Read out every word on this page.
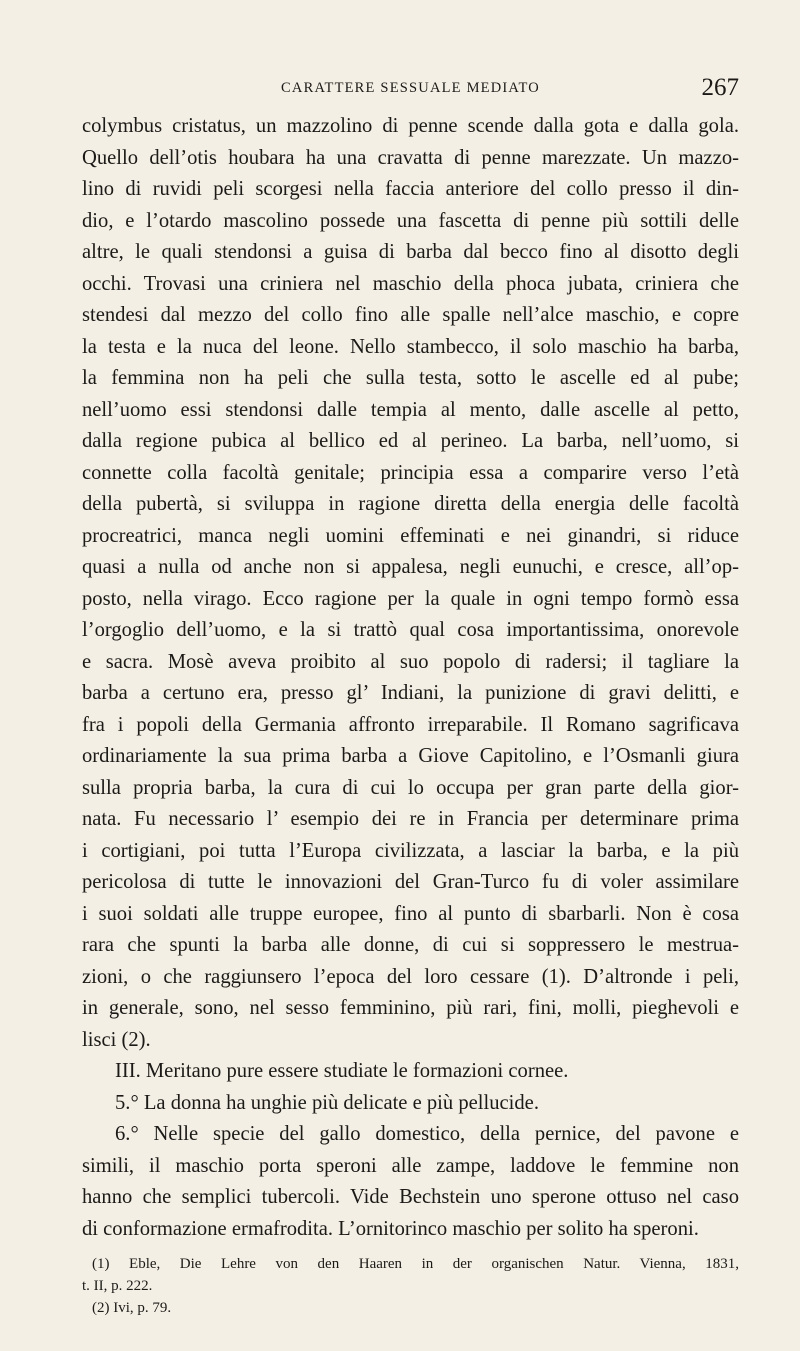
CARATTERE SESSUALE MEDIATO	267
colymbus cristatus, un mazzolino di penne scende dalla gota e dalla gola.
Quello dell’otis houbara ha una cravatta di penne marezzate. Un mazzo-
lino di ruvidi peli scorgesi nella faccia anteriore del collo presso il din-
dio, e l’otardo mascolino possede una fascetta di penne più sottili delle
altre, le quali stendonsi a guisa di barba dal becco fino al disotto degli
occhi. Trovasi una criniera nel maschio della phoca jubata, criniera che
stendesi dal mezzo del collo fino alle spalle nell’alce maschio, e copre
la testa e la nuca del leone. Nello stambecco, il solo maschio ha barba,
la femmina non ha peli che sulla testa, sotto le ascelle ed al pube;
nell’uomo essi stendonsi dalle tempia al mento, dalle ascelle al petto,
dalla regione pubica al bellico ed al perineo. La barba, nell’uomo, si
connette colla facoltà genitale; principia essa a comparire verso l’età
della pubertà, si sviluppa in ragione diretta della energia delle facoltà
procreatrici, manca negli uomini effeminati e nei ginandri, si riduce
quasi a nulla od anche non si appalesa, negli eunuchi, e cresce, all’op-
posto, nella virago. Ecco ragione per la quale in ogni tempo formò essa
l’orgoglio dell’uomo, e la si trattò qual cosa importantissima, onorevole
e sacra. Mosè aveva proibito al suo popolo di radersi; il tagliare la
barba a certuno era, presso gl’ Indiani, la punizione di gravi delitti, e
fra i popoli della Germania affronto irreparabile. Il Romano sagrificava
ordinariamente la sua prima barba a Giove Capitolino, e l’Osmanli giura
sulla propria barba, la cura di cui lo occupa per gran parte della gior-
nata. Fu necessario l’ esempio dei re in Francia per determinare prima
i cortigiani, poi tutta l’Europa civilizzata, a lasciar la barba, e la più
pericolosa di tutte le innovazioni del Gran-Turco fu di voler assimilare
i suoi soldati alle truppe europee, fino al punto di sbarbarli. Non è cosa
rara che spunti la barba alle donne, di cui si soppressero le mestrua-
zioni, o che raggiunsero l’epoca del loro cessare (1). D’altronde i peli,
in generale, sono, nel sesso femminino, più rari, fini, molli, pieghevoli e
lisci (2).
III. Meritano pure essere studiate le formazioni cornee.
5.° La donna ha unghie più delicate e più pellucide.
6.° Nelle specie del gallo domestico, della pernice, del pavone e
simili, il maschio porta speroni alle zampe, laddove le femmine non
hanno che semplici tubercoli. Vide Bechstein uno sperone ottuso nel caso
di conformazione ermafrodita. L’ornitorinco maschio per solito ha speroni.
(1) Eble, Die Lehre von den Haaren in der organischen Natur. Vienna, 1831,
t. II, p. 222.
(2) Ivi, p. 79.
